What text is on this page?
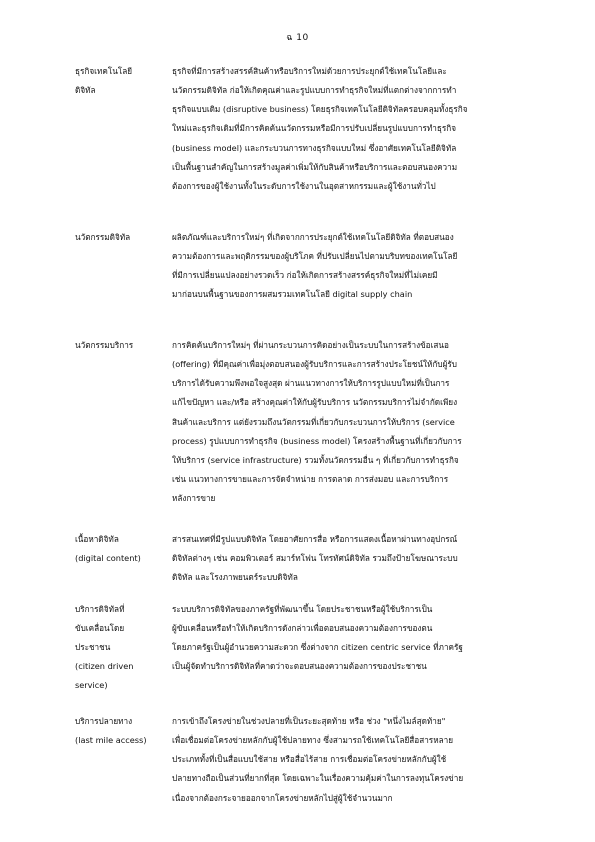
ฉ 10
ธุรกิจเทคโนโลยี
ดิจิทัล
ธุรกิจที่มีการสร้างสรรค์สินค้าหรือบริการใหม่ด้วยการประยุกต์ใช้เทคโนโลยีและ
นวัตกรรมดิจิทัล ก่อให้เกิดคุณค่าและรูปแบบการทำธุรกิจใหม่ที่แตกต่างจากการทำ
ธุรกิจแบบเดิม (disruptive business) โดยธุรกิจเทคโนโลยีดิจิทัลครอบคลุมทั้งธุรกิจ
ใหม่และธุรกิจเดิมที่มีการคิดค้นนวัตกรรมหรือมีการปรับเปลี่ยนรูปแบบการทำธุรกิจ
(business model) และกระบวนการทางธุรกิจแบบใหม่ ซึ่งอาศัยเทคโนโลยีดิจิทัล
เป็นพื้นฐานสำคัญในการสร้างมูลค่าเพิ่มให้กับสินค้าหรือบริการและตอบสนองความ
ต้องการของผู้ใช้งานทั้งในระดับการใช้งานในอุตสาหกรรมและผู้ใช้งานทั่วไป
นวัตกรรมดิจิทัล	ผลิตภัณฑ์และบริการใหม่ๆ ที่เกิดจากการประยุกต์ใช้เทคโนโลยีดิจิทัล ที่ตอบสนอง
ความต้องการและพฤติกรรมของผู้บริโภค ที่ปรับเปลี่ยนไปตามบริบทของเทคโนโลยี
ที่มีการเปลี่ยนแปลงอย่างรวดเร็ว ก่อให้เกิดการสร้างสรรค์ธุรกิจใหม่ที่ไม่เคยมี
มาก่อนบนพื้นฐานของการผสมรวมเทคโนโลยี digital supply chain
นวัตกรรมบริการ	การคิดค้นบริการใหม่ๆ ที่ผ่านกระบวนการคิดอย่างเป็นระบบในการสร้างข้อเสนอ
(offering) ที่มีคุณค่าเพื่อมุ่งตอบสนองผู้รับบริการและการสร้างประโยชน์ให้กับผู้รับ
บริการได้รับความพึงพอใจสูงสุด ผ่านแนวทางการให้บริการรูปแบบใหม่ที่เป็นการ
แก้ไขปัญหา และ/หรือ สร้างคุณค่าให้กับผู้รับบริการ นวัตกรรมบริการไม่จำกัดเพียง
สินค้าและบริการ แต่ยังรวมถึงนวัตกรรมที่เกี่ยวกับกระบวนการให้บริการ (service
process) รูปแบบการทำธุรกิจ (business model) โครงสร้างพื้นฐานที่เกี่ยวกับการ
ให้บริการ (service infrastructure) รวมทั้งนวัตกรรมอื่น ๆ ที่เกี่ยวกับการทำธุรกิจ
เช่น แนวทางการขายและการจัดจำหน่าย การตลาด การส่งมอบ และการบริการ
หลังการขาย
เนื้อหาดิจิทัล
(digital content)
สารสนเทศที่มีรูปแบบดิจิทัล โดยอาศัยการสื่อ หรือการแสดงเนื้อหาผ่านทางอุปกรณ์
ดิจิทัลต่างๆ เช่น คอมพิวเตอร์ สมาร์ทโฟน โทรทัศน์ดิจิทัล รวมถึงป้ายโฆษณาระบบ
ดิจิทัล และโรงภาพยนตร์ระบบดิจิทัล
บริการดิจิทัลที่
ขับเคลื่อนโดย
ประชาชน
(citizen driven
service)
ระบบบริการดิจิทัลของภาครัฐที่พัฒนาขึ้น โดยประชาชนหรือผู้ใช้บริการเป็น
ผู้ขับเคลื่อนหรือทำให้เกิดบริการดังกล่าวเพื่อตอบสนองความต้องการของตน
โดยภาครัฐเป็นผู้อำนวยความสะดวก ซึ่งต่างจาก citizen centric service ที่ภาครัฐ
เป็นผู้จัดทำบริการดิจิทัลที่คาดว่าจะตอบสนองความต้องการของประชาชน
บริการปลายทาง
(last mile access)
การเข้าถึงโครงข่ายในช่วงปลายที่เป็นระยะสุดท้าย หรือ ช่วง "หนึ่งไมล์สุดท้าย"
เพื่อเชื่อมต่อโครงข่ายหลักกับผู้ใช้ปลายทาง ซึ่งสามารถใช้เทคโนโลยีสื่อสารหลาย
ประเภททั้งที่เป็นสื่อแบบใช้สาย หรือสื่อไร้สาย การเชื่อมต่อโครงข่ายหลักกับผู้ใช้
ปลายทางถือเป็นส่วนที่ยากที่สุด โดยเฉพาะในเรื่องความคุ้มค่าในการลงทุนโครงข่าย
เนื่องจากต้องกระจายออกจากโครงข่ายหลักไปสู่ผู้ใช้จำนวนมาก
